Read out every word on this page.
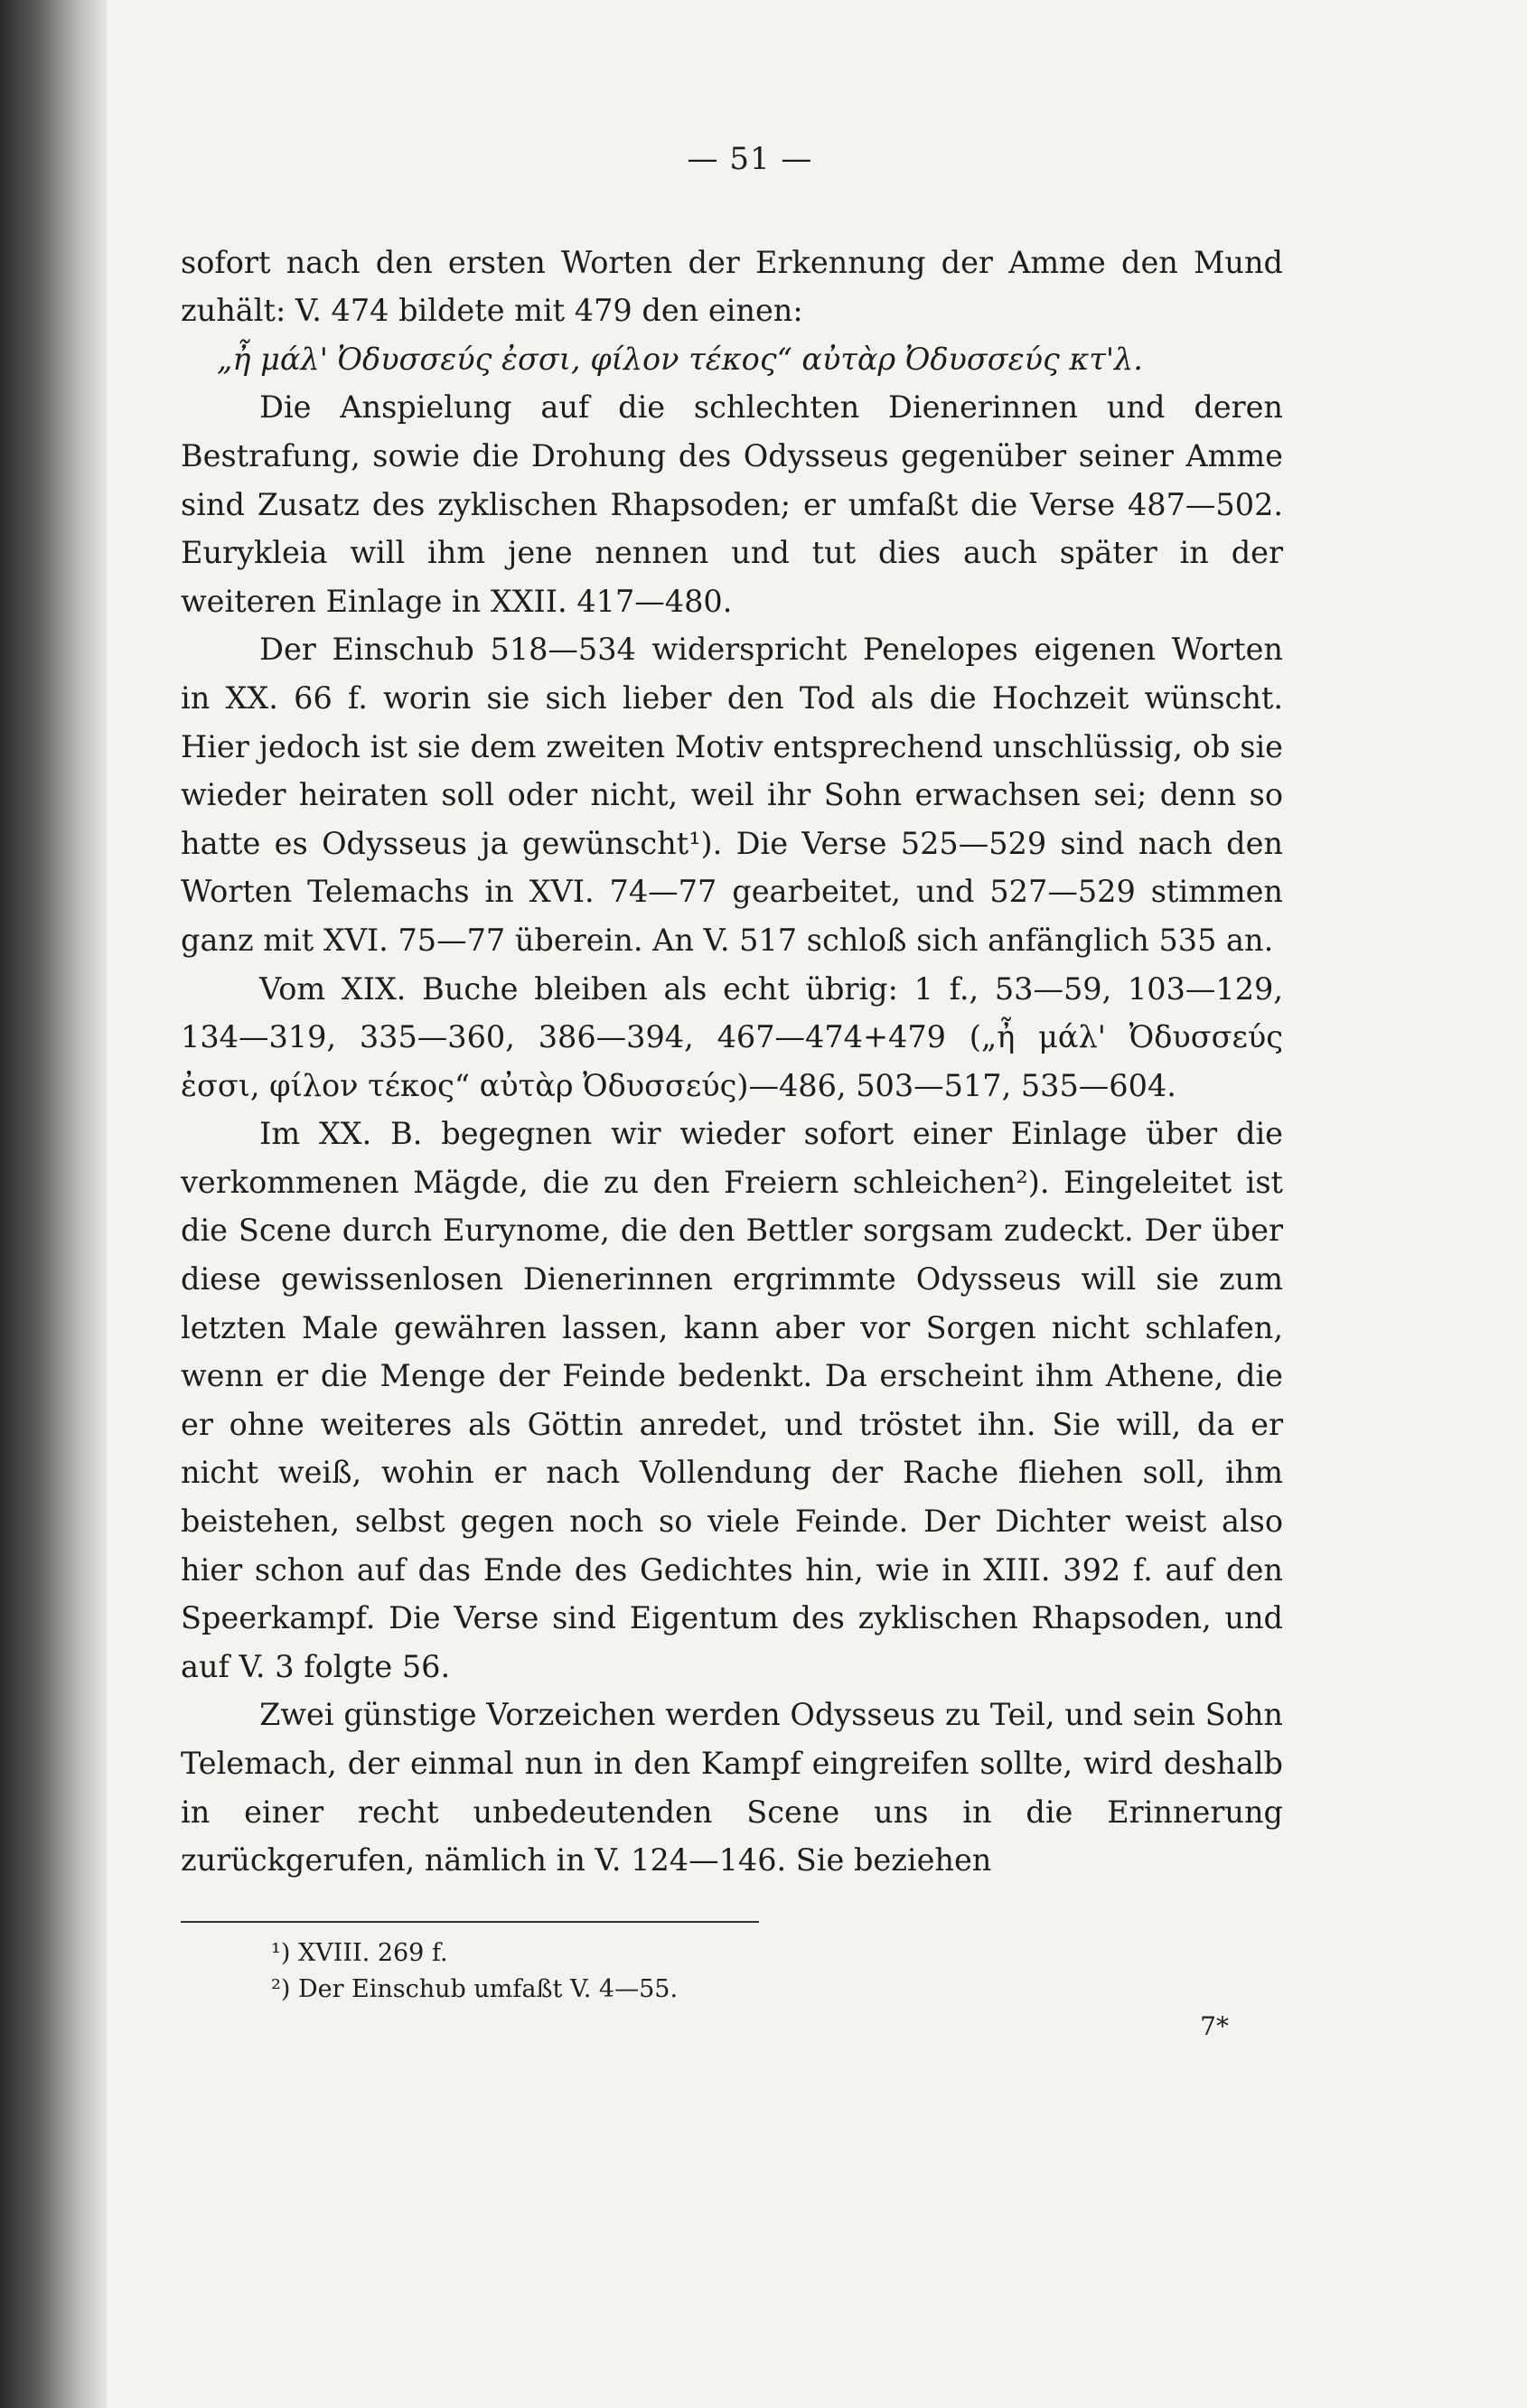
— 51 —

sofort nach den ersten Worten der Erkennung der Amme den Mund zuhält: V. 474 bildete mit 479 den einen:

„ἦ μάλ' Ὀδυσσεύς ἐσσι, φίλον τέκος“ αὐτὰρ Ὀδυσσεύς κτ'λ.

Die Anspielung auf die schlechten Dienerinnen und deren Bestrafung, sowie die Drohung des Odysseus gegenüber seiner Amme sind Zusatz des zyklischen Rhapsoden; er umfaßt die Verse 487—502. Eurykleia will ihm jene nennen und tut dies auch später in der weiteren Einlage in XXII. 417—480.

Der Einschub 518—534 widerspricht Penelopes eigenen Worten in XX. 66 f. worin sie sich lieber den Tod als die Hochzeit wünscht. Hier jedoch ist sie dem zweiten Motiv entsprechend unschlüssig, ob sie wieder heiraten soll oder nicht, weil ihr Sohn erwachsen sei; denn so hatte es Odysseus ja gewünscht¹). Die Verse 525—529 sind nach den Worten Telemachs in XVI. 74—77 gearbeitet, und 527—529 stimmen ganz mit XVI. 75—77 überein. An V. 517 schloß sich anfänglich 535 an.

Vom XIX. Buche bleiben als echt übrig: 1 f., 53—59, 103—129, 134—319, 335—360, 386—394, 467—474+479 („ἦ μάλ' Ὀδυσσεύς ἐσσι, φίλον τέκος“ αὐτὰρ Ὀδυσσεύς)—486, 503—517, 535—604.

Im XX. B. begegnen wir wieder sofort einer Einlage über die verkommenen Mägde, die zu den Freiern schleichen²). Eingeleitet ist die Scene durch Eurynome, die den Bettler sorgsam zudeckt. Der über diese gewissenlosen Dienerinnen ergrimmte Odysseus will sie zum letzten Male gewähren lassen, kann aber vor Sorgen nicht schlafen, wenn er die Menge der Feinde bedenkt. Da erscheint ihm Athene, die er ohne weiteres als Göttin anredet, und tröstet ihn. Sie will, da er nicht weiß, wohin er nach Vollendung der Rache fliehen soll, ihm beistehen, selbst gegen noch so viele Feinde. Der Dichter weist also hier schon auf das Ende des Gedichtes hin, wie in XIII. 392 f. auf den Speerkampf. Die Verse sind Eigentum des zyklischen Rhapsoden, und auf V. 3 folgte 56.

Zwei günstige Vorzeichen werden Odysseus zu Teil, und sein Sohn Telemach, der einmal nun in den Kampf eingreifen sollte, wird deshalb in einer recht unbedeutenden Scene uns in die Erinnerung zurückgerufen, nämlich in V. 124—146. Sie beziehen

¹) XVIII. 269 f.
²) Der Einschub umfaßt V. 4—55.
7*
